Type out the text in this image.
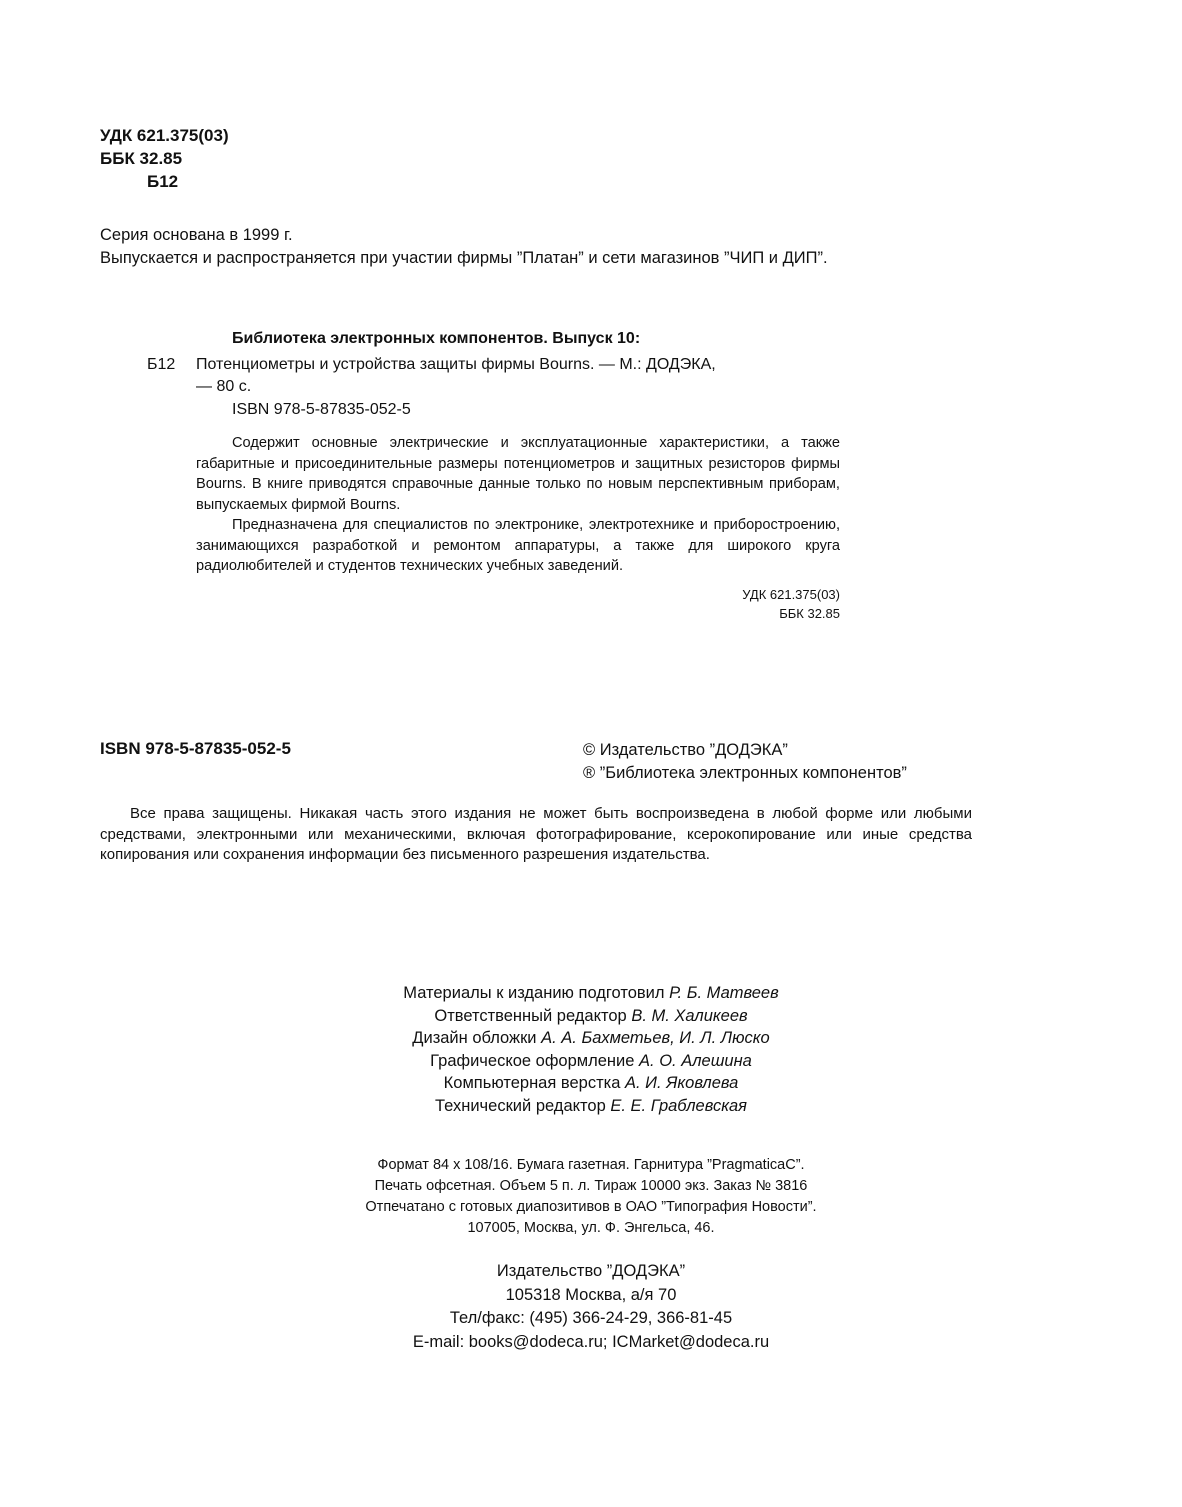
УДК 621.375(03)
ББК 32.85
Б12
Серия основана в 1999 г.
Выпускается и распространяется при участии фирмы ”Платан” и сети магазинов ”ЧИП и ДИП”.
Библиотека электронных компонентов. Выпуск 10:
Б12 Потенциометры и устройства защиты фирмы Bourns. — М.: ДОДЭКА,
— 80 с.
ISBN 978-5-87835-052-5

Содержит основные электрические и эксплуатационные характеристики, а также габаритные и присоединительные размеры потенциометров и защитных резисторов фирмы Bourns. В книге приводятся справочные данные только по новым перспективным приборам, выпускаемых фирмой Bourns.

Предназначена для специалистов по электронике, электротехнике и приборостроению, занимающихся разработкой и ремонтом аппаратуры, а также для широкого круга радиолюбителей и студентов технических учебных заведений.

УДК 621.375(03)
ББК 32.85
ISBN 978-5-87835-052-5	© Издательство ”ДОДЭКА”
® ”Библиотека электронных компонентов”

Все права защищены. Никакая часть этого издания не может быть воспроизведена в любой форме или любыми средствами, электронными или механическими, включая фотографирование, ксерокопирование или иные средства копирования или сохранения информации без письменного разрешения издательства.

Материалы к изданию подготовил Р. Б. Матвеев
Ответственный редактор В. М. Халикеев
Дизайн обложки А. А. Бахметьев, И. Л. Люско
Графическое оформление А. О. Алешина
Компьютерная верстка А. И. Яковлева
Технический редактор Е. Е. Граблевская
Формат 84 х 108/16. Бумага газетная. Гарнитура ”PragmaticaC”.
Печать офсетная. Объем 5 п. л. Тираж 10000 экз. Заказ № 3816
Отпечатано с готовых диапозитивов в ОАО ”Типография Новости”.
107005, Москва, ул. Ф. Энгельса, 46.
Издательство ”ДОДЭКА”
105318 Москва, а/я 70
Тел/факс: (495) 366-24-29, 366-81-45
E-mail: books@dodeca.ru; ICMarket@dodeca.ru
